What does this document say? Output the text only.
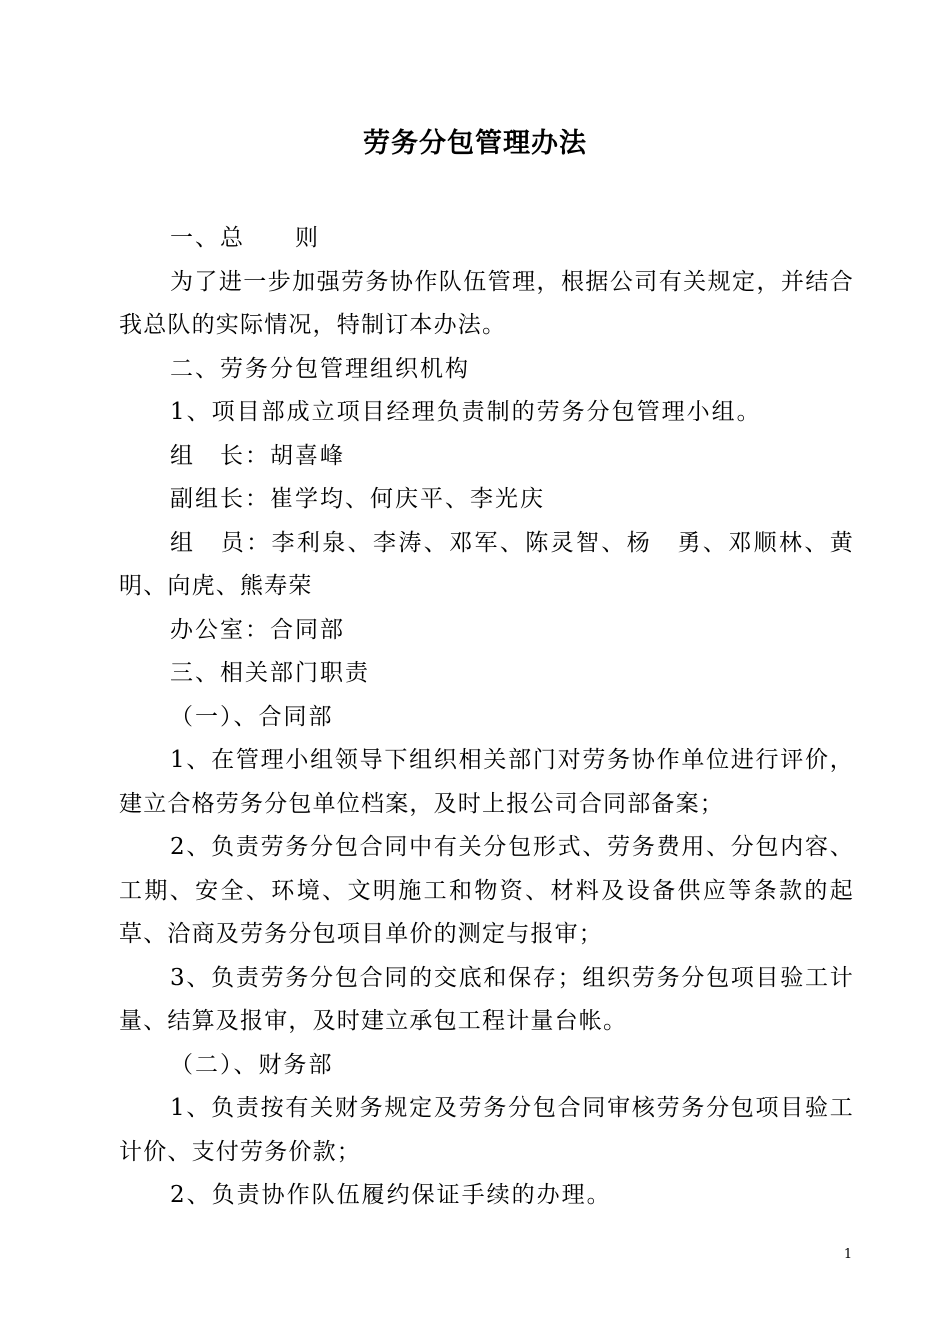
劳务分包管理办法

一、总　　则

为了进一步加强劳务协作队伍管理，根据公司有关规定，并结合我总队的实际情况，特制订本办法。

二、劳务分包管理组织机构

1、项目部成立项目经理负责制的劳务分包管理小组。

组　长：胡喜峰

副组长：崔学均、何庆平、李光庆

组　员：李利泉、李涛、邓军、陈灵智、杨　勇、邓顺林、黄　明、向虎、熊寿荣

办公室：合同部

三、相关部门职责

（一）、合同部

1、在管理小组领导下组织相关部门对劳务协作单位进行评价，建立合格劳务分包单位档案，及时上报公司合同部备案；

2、负责劳务分包合同中有关分包形式、劳务费用、分包内容、工期、安全、环境、文明施工和物资、材料及设备供应等条款的起草、洽商及劳务分包项目单价的测定与报审；

3、负责劳务分包合同的交底和保存；组织劳务分包项目验工计量、结算及报审，及时建立承包工程计量台帐。

（二）、财务部

1、负责按有关财务规定及劳务分包合同审核劳务分包项目验工计价、支付劳务价款；

2、负责协作队伍履约保证手续的办理。

1
